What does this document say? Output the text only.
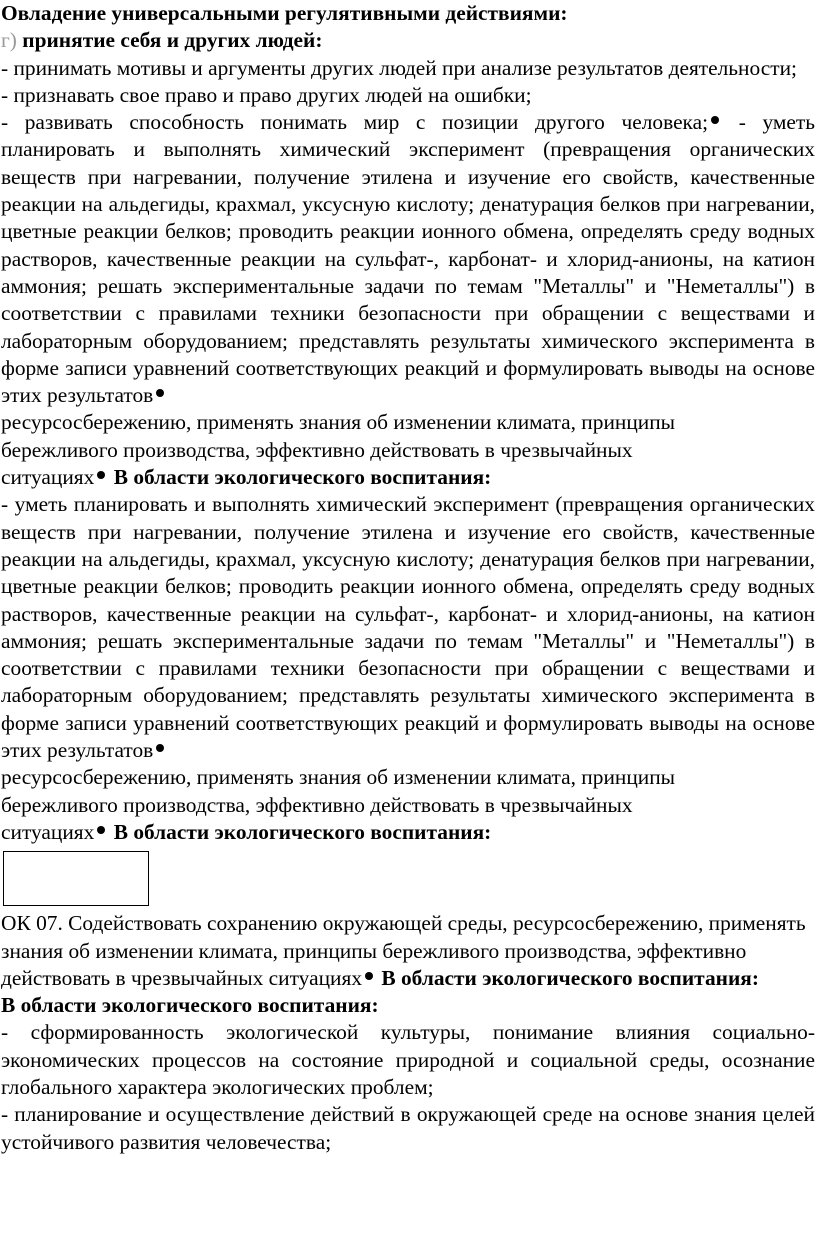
Овладение универсальными регулятивными действиями:

г) принятие себя и других людей:

- принимать мотивы и аргументы других людей при анализе результатов деятельности;

- признавать свое право и право других людей на ошибки;

- развивать способность понимать мир с позиции другого человека; - уметь планировать и выполнять химический эксперимент (превращения органических веществ при нагревании, получение этилена и изучение его свойств, качественные реакции на альдегиды, крахмал, уксусную кислоту; денатурация белков при нагревании, цветные реакции белков; проводить реакции ионного обмена, определять среду водных растворов, качественные реакции на сульфат-, карбонат- и хлорид-анионы, на катион аммония; решать экспериментальные задачи по темам "Металлы" и "Неметаллы") в соответствии с правилами техники безопасности при обращении с веществами и лабораторным оборудованием; представлять результаты химического эксперимента в форме записи уравнений соответствующих реакций и формулировать выводы на основе этих результатов

ресурсосбережению, применять знания об изменении климата, принципы
бережливого производства, эффективно действовать в чрезвычайных
ситуациях В области экологического воспитания:

- уметь планировать и выполнять химический эксперимент (превращения органических веществ при нагревании, получение этилена и изучение его свойств, качественные реакции на альдегиды, крахмал, уксусную кислоту; денатурация белков при нагревании, цветные реакции белков; проводить реакции ионного обмена, определять среду водных растворов, качественные реакции на сульфат-, карбонат- и хлорид-анионы, на катион аммония; решать экспериментальные задачи по темам "Металлы" и "Неметаллы") в соответствии с правилами техники безопасности при обращении с веществами и лабораторным оборудованием; представлять результаты химического эксперимента в форме записи уравнений соответствующих реакций и формулировать выводы на основе этих результатов

ресурсосбережению, применять знания об изменении климата, принципы
бережливого производства, эффективно действовать в чрезвычайных
ситуациях В области экологического воспитания:

ОК 07. Содействовать сохранению окружающей среды, ресурсосбережению, применять знания об изменении климата, принципы бережливого производства, эффективно действовать в чрезвычайных ситуациях В области экологического воспитания:

В области экологического воспитания:

- сформированность экологической культуры, понимание влияния социально-экономических процессов на состояние природной и социальной среды, осознание глобального характера экологических проблем;

- планирование и осуществление действий в окружающей среде на основе знания целей устойчивого развития человечества;
